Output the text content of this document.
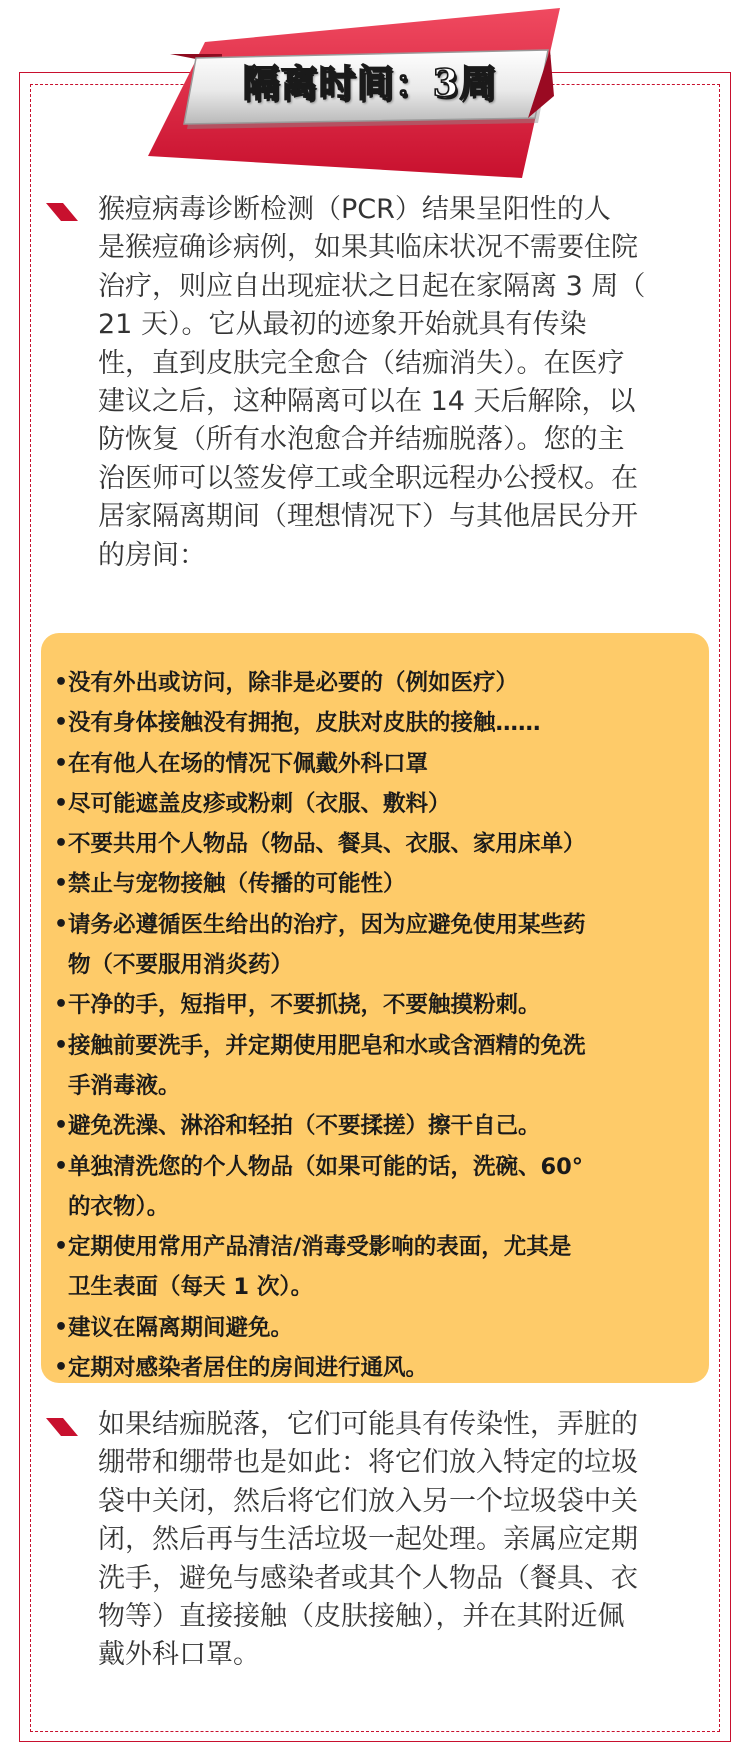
隔离时间：3周
猴痘病毒诊断检测（PCR）结果呈阳性的人
是猴痘确诊病例，如果其临床状况不需要住院
治疗，则应自出现症状之日起在家隔离 3 周（
21 天）。它从最初的迹象开始就具有传染
性，直到皮肤完全愈合（结痂消失）。在医疗
建议之后，这种隔离可以在 14 天后解除，以
防恢复（所有水泡愈合并结痂脱落）。您的主
治医师可以签发停工或全职远程办公授权。在
居家隔离期间（理想情况下）与其他居民分开
的房间：
• 没有外出或访问，除非是必要的（例如医疗）
• 没有身体接触没有拥抱，皮肤对皮肤的接触……
• 在有他人在场的情况下佩戴外科口罩
• 尽可能遮盖皮疹或粉刺（衣服、敷料）
• 不要共用个人物品（物品、餐具、衣服、家用床单）
• 禁止与宠物接触（传播的可能性）
• 请务必遵循医生给出的治疗，因为应避免使用某些药
物（不要服用消炎药）
• 干净的手，短指甲，不要抓挠，不要触摸粉刺。
• 接触前要洗手，并定期使用肥皂和水或含酒精的免洗
手消毒液。
• 避免洗澡、淋浴和轻拍（不要揉搓）擦干自己。
• 单独清洗您的个人物品（如果可能的话，洗碗、60°
的衣物）。
• 定期使用常用产品清洁/消毒受影响的表面，尤其是
卫生表面（每天 1 次）。
• 建议在隔离期间避免。
• 定期对感染者居住的房间进行通风。
如果结痂脱落，它们可能具有传染性，弄脏的
绷带和绷带也是如此：将它们放入特定的垃圾
袋中关闭，然后将它们放入另一个垃圾袋中关
闭，然后再与生活垃圾一起处理。亲属应定期
洗手，避免与感染者或其个人物品（餐具、衣
物等）直接接触（皮肤接触），并在其附近佩
戴外科口罩。
